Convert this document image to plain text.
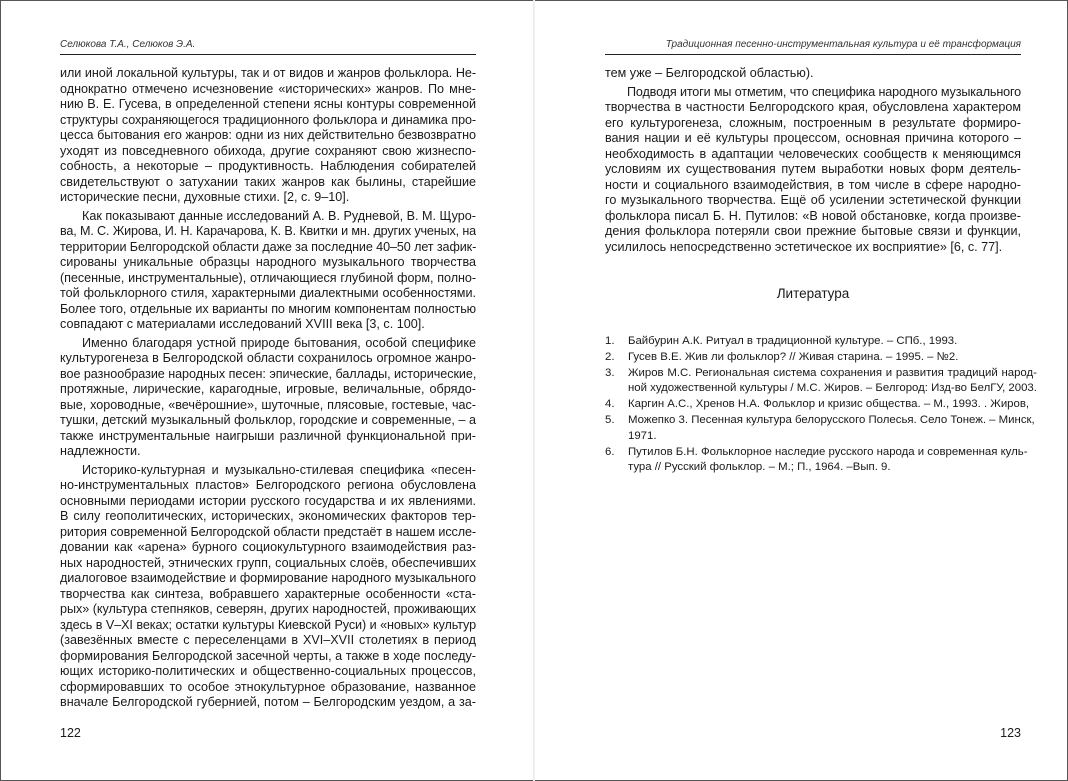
Селюкова Т.А., Селюков Э.А.
или иной локальной культуры, так и от видов и жанров фольклора. Не-
однократно отмечено исчезновение «исторических» жанров. По мне-
нию В. Е. Гусева, в определенной степени ясны контуры современной
структуры сохраняющегося традиционного фольклора и динамика про-
цесса бытования его жанров: одни из них действительно безвозвратно
уходят из повседневного обихода, другие сохраняют свою жизнеспо-
собность, а некоторые – продуктивность. Наблюдения собирателей
свидетельствуют о затухании таких жанров как былины, старейшие
исторические песни, духовные стихи. [2, с. 9–10].
Как показывают данные исследований А. В. Рудневой, В. М. Щуро-
ва, М. С. Жирова, И. Н. Карачарова, К. В. Квитки и мн. других ученых, на
территории Белгородской области даже за последние 40–50 лет зафик-
сированы уникальные образцы народного музыкального творчества
(песенные, инструментальные), отличающиеся глубиной форм, полно-
той фольклорного стиля, характерными диалектными особенностями.
Более того, отдельные их варианты по многим компонентам полностью
совпадают с материалами исследований XVIII века [3, с. 100].
Именно благодаря устной природе бытования, особой специфике
культурогенеза в Белгородской области сохранилось огромное жанро-
вое разнообразие народных песен: эпические, баллады, исторические,
протяжные, лирические, карагодные, игровые, величальные, обрядо-
вые, хороводные, «вечёрошние», шуточные, плясовые, гостевые, час-
тушки, детский музыкальный фольклор, городские и современные, – а
также инструментальные наигрыши различной функциональной при-
надлежности.
Историко-культурная и музыкально-стилевая специфика «песен-
но-инструментальных пластов» Белгородского региона обусловлена
основными периодами истории русского государства и их явлениями.
В силу геополитических, исторических, экономических факторов тер-
ритория современной Белгородской области предстаёт в нашем иссле-
довании как «арена» бурного социокультурного взаимодействия раз-
ных народностей, этнических групп, социальных слоёв, обеспечивших
диалоговое взаимодействие и формирование народного музыкального
творчества как синтеза, вобравшего характерные особенности «ста-
рых» (культура степняков, северян, других народностей, проживающих
здесь в V–XI веках; остатки культуры Киевской Руси) и «новых» культур
(завезённых вместе с переселенцами в XVI–XVII столетиях в период
формирования Белгородской засечной черты, а также в ходе последу-
ющих историко-политических и общественно-социальных процессов,
сформировавших то особое этнокультурное образование, названное
вначале Белгородской губернией, потом – Белгородским уездом, а за-
122
Традиционная песенно-инструментальная культура и её трансформация
тем уже – Белгородской областью).
Подводя итоги мы отметим, что специфика народного музыкального
творчества в частности Белгородского края, обусловлена характером
его культурогенеза, сложным, построенным в результате формиро-
вания нации и её культуры процессом, основная причина которого –
необходимость в адаптации человеческих сообществ к меняющимся
условиям их существования путем выработки новых форм деятель-
ности и социального взаимодействия, в том числе в сфере народно-
го музыкального творчества. Ещё об усилении эстетической функции
фольклора писал Б. Н. Путилов: «В новой обстановке, когда произве-
дения фольклора потеряли свои прежние бытовые связи и функции,
усилилось непосредственно эстетическое их восприятие» [6, с. 77].
Литература
1.	Байбурин А.К. Ритуал в традиционной культуре. – СПб., 1993.
2.	Гусев В.Е. Жив ли фольклор? // Живая старина. – 1995. – №2.
3.	Жиров М.С. Региональная система сохранения и развития традиций народ-
ной художественной культуры / М.С. Жиров. – Белгород: Изд-во БелГУ, 2003.
4.	Каргин А.С., Хренов Н.А. Фольклор и кризис общества. – М., 1993. . Жиров,
5.	Можепко 3. Песенная культура белорусского Полесья. Село Тонеж. – Минск,
1971.
6.	Путилов Б.Н. Фольклорное наследие русского народа и современная куль-
тура // Русский фольклор. – М.; П., 1964. –Вып. 9.
123
